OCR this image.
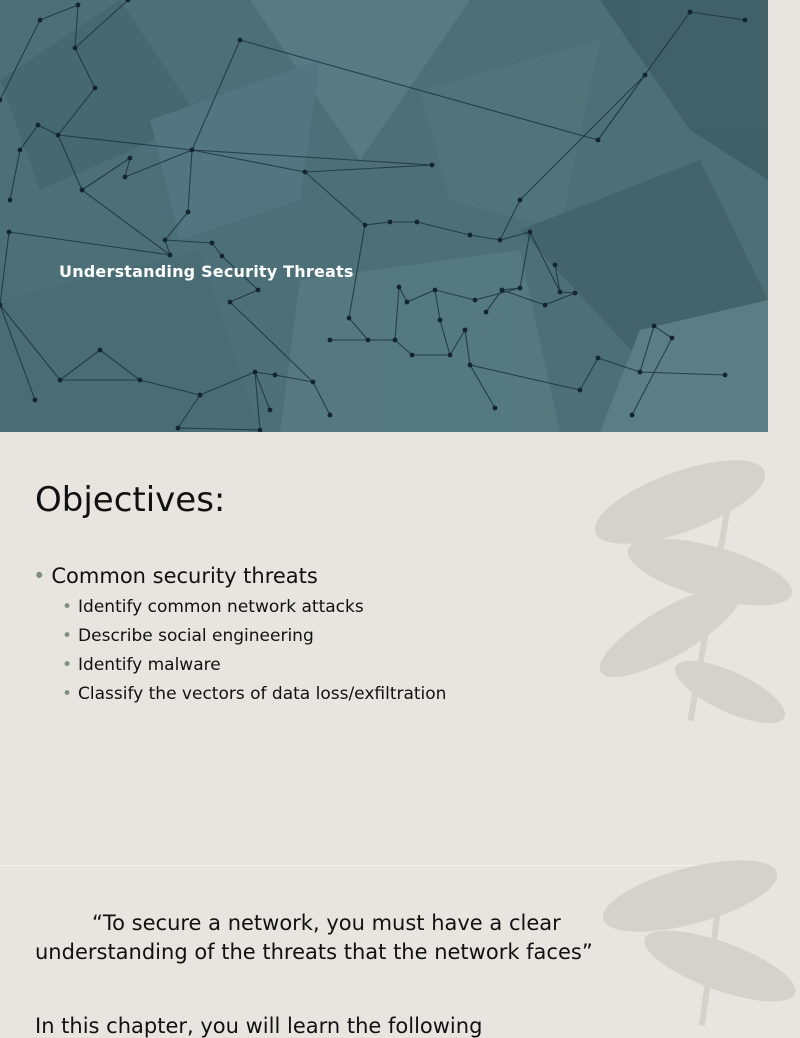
Understanding Security Threats
Objectives:
• Common security threats
• Identify common network attacks
• Describe social engineering
• Identify malware
• Classify the vectors of data loss/exfiltration

“To secure a network, you must have a clear understanding of the threats that the network faces”

In this chapter, you will learn the following
